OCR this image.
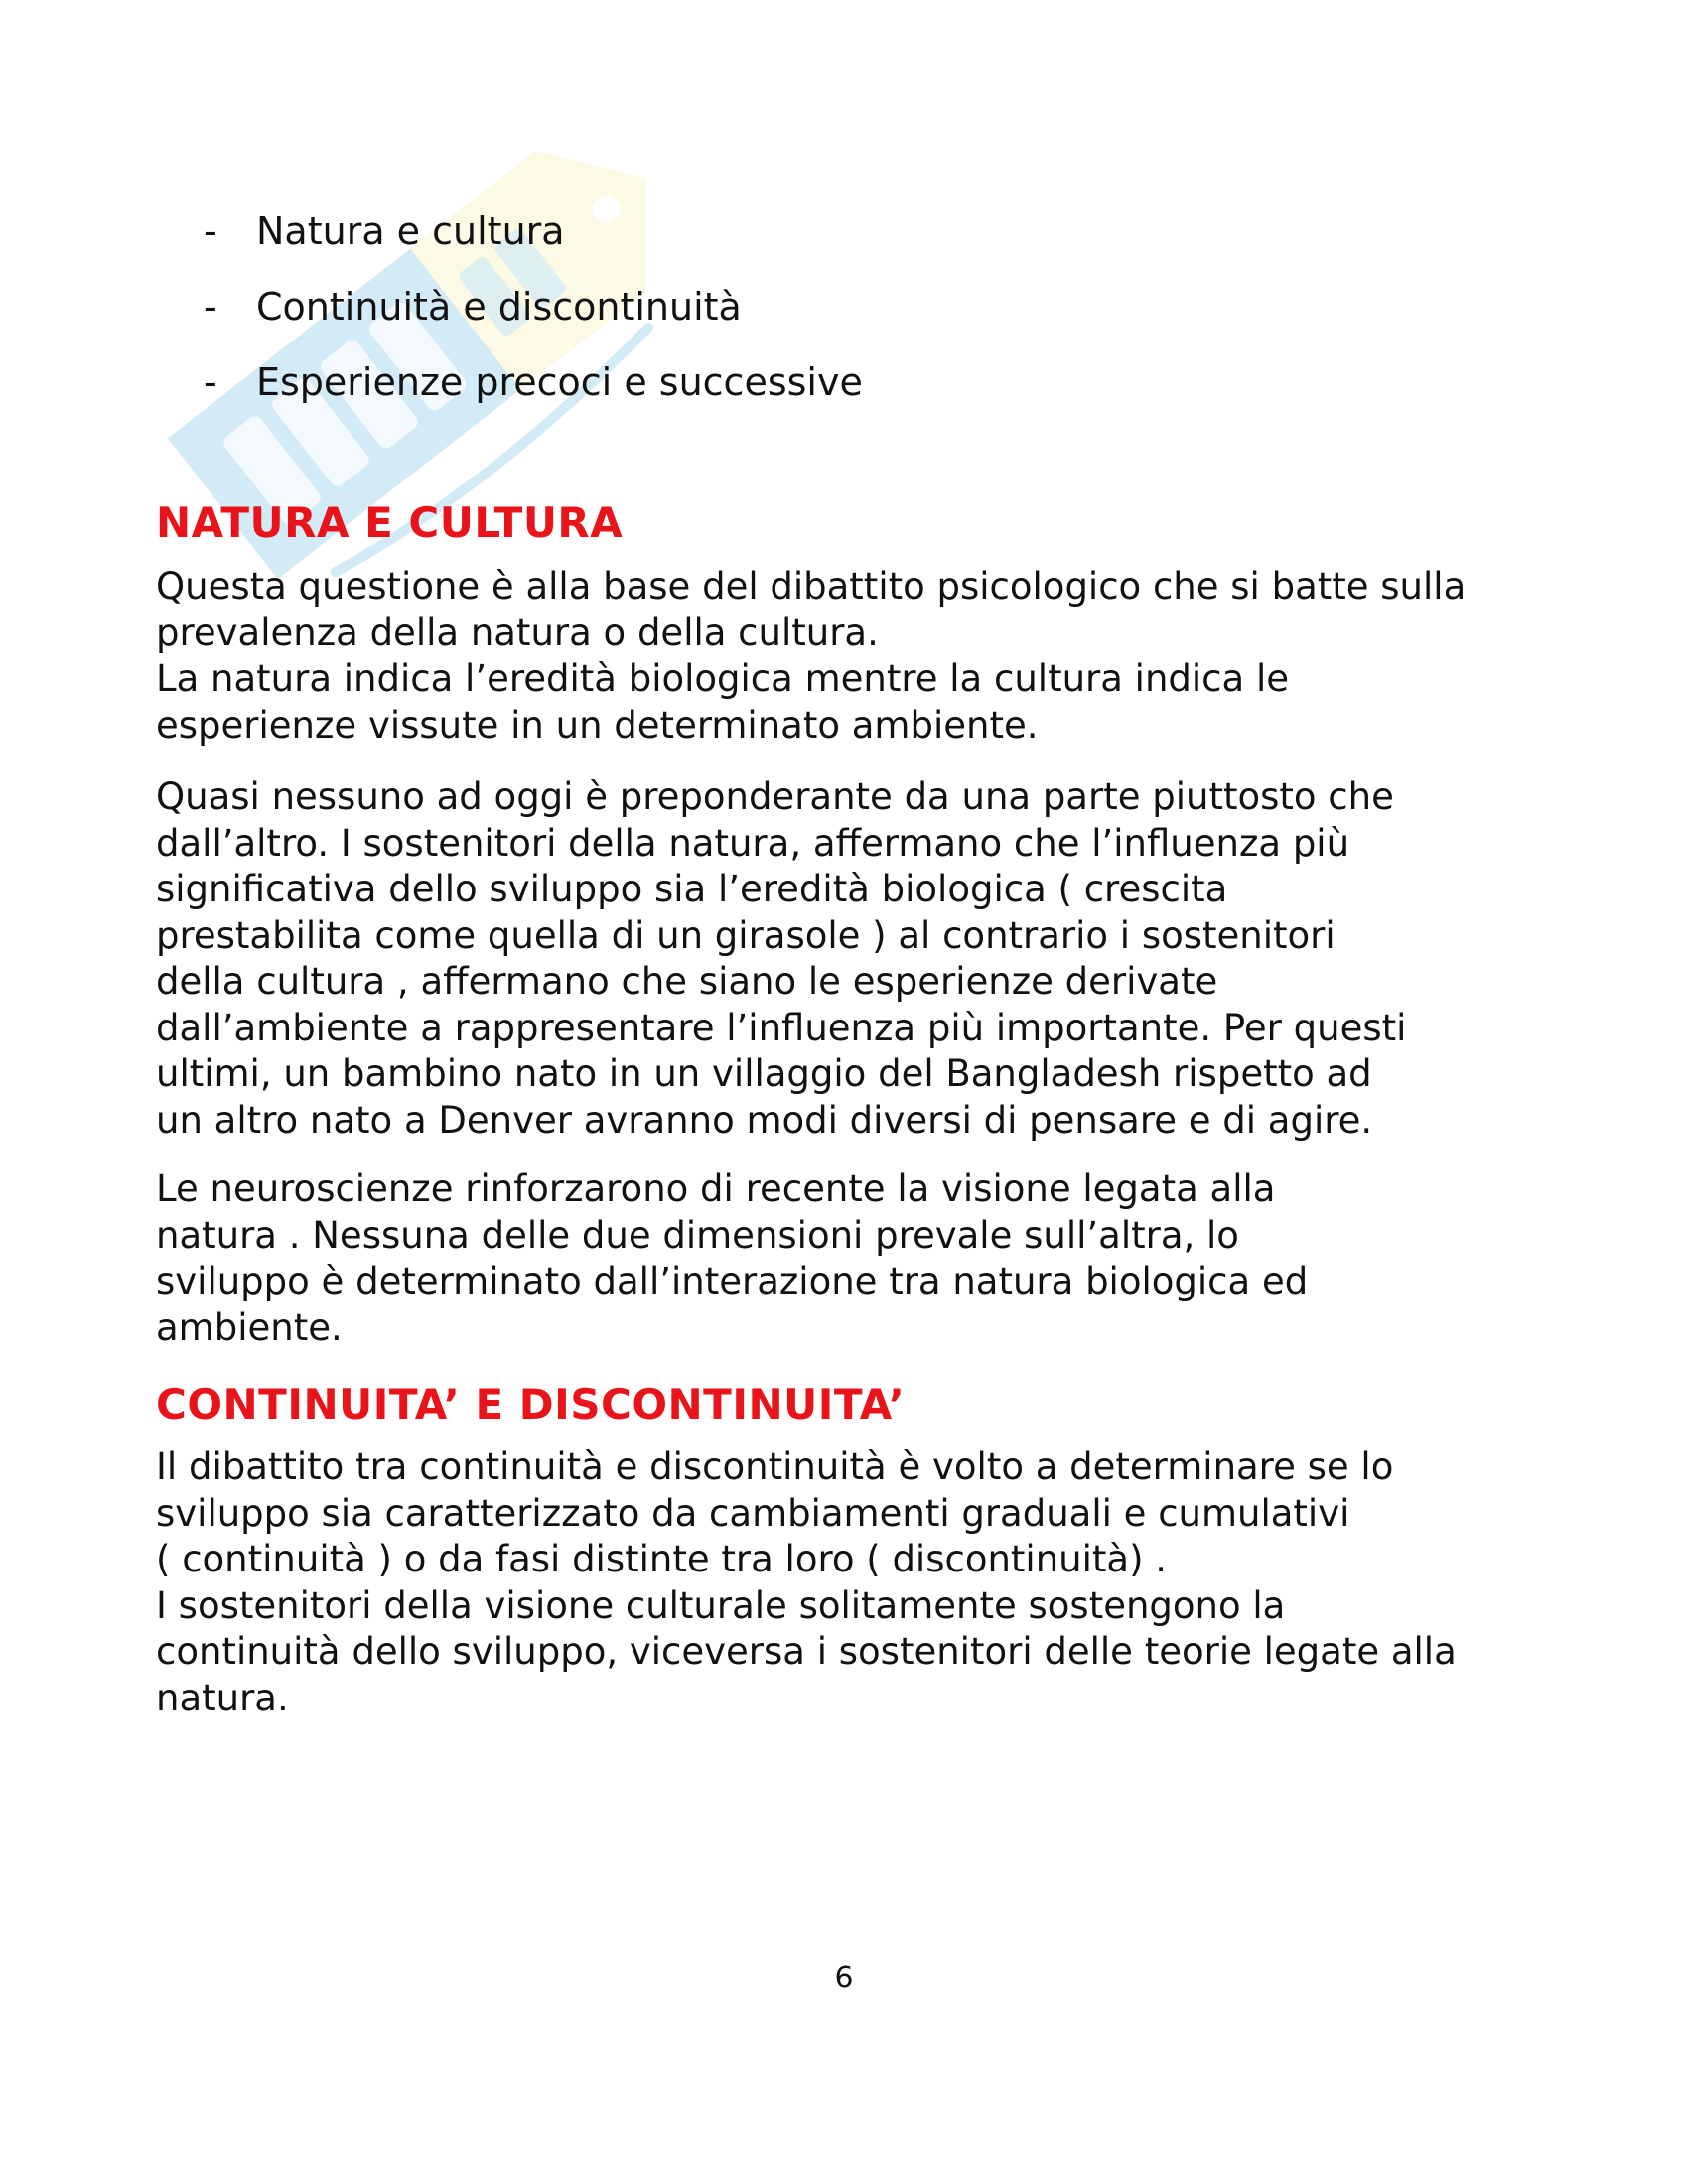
- Natura e cultura
- Continuità e discontinuità
- Esperienze precoci e successive
NATURA E CULTURA

Questa questione è alla base del dibattito psicologico che si batte sulla
prevalenza della natura o della cultura.
La natura indica l’eredità biologica mentre la cultura indica le
esperienze vissute in un determinato ambiente.

Quasi nessuno ad oggi è preponderante da una parte piuttosto che
dall’altro. I sostenitori della natura, affermano che l’influenza più
significativa dello sviluppo sia l’eredità biologica ( crescita
prestabilita come quella di un girasole ) al contrario i sostenitori
della cultura , affermano che siano le esperienze derivate
dall’ambiente a rappresentare l’influenza più importante. Per questi
ultimi, un bambino nato in un villaggio del Bangladesh rispetto ad
un altro nato a Denver avranno modi diversi di pensare e di agire.

Le neuroscienze rinforzarono di recente la visione legata alla
natura . Nessuna delle due dimensioni prevale sull’altra, lo
sviluppo è determinato dall’interazione tra natura biologica ed
ambiente.

CONTINUITA’ E DISCONTINUITA’

Il dibattito tra continuità e discontinuità è volto a determinare se lo
sviluppo sia caratterizzato da cambiamenti graduali e cumulativi
( continuità ) o da fasi distinte tra loro ( discontinuità) .
I sostenitori della visione culturale solitamente sostengono la
continuità dello sviluppo, viceversa i sostenitori delle teorie legate alla
natura.

6
